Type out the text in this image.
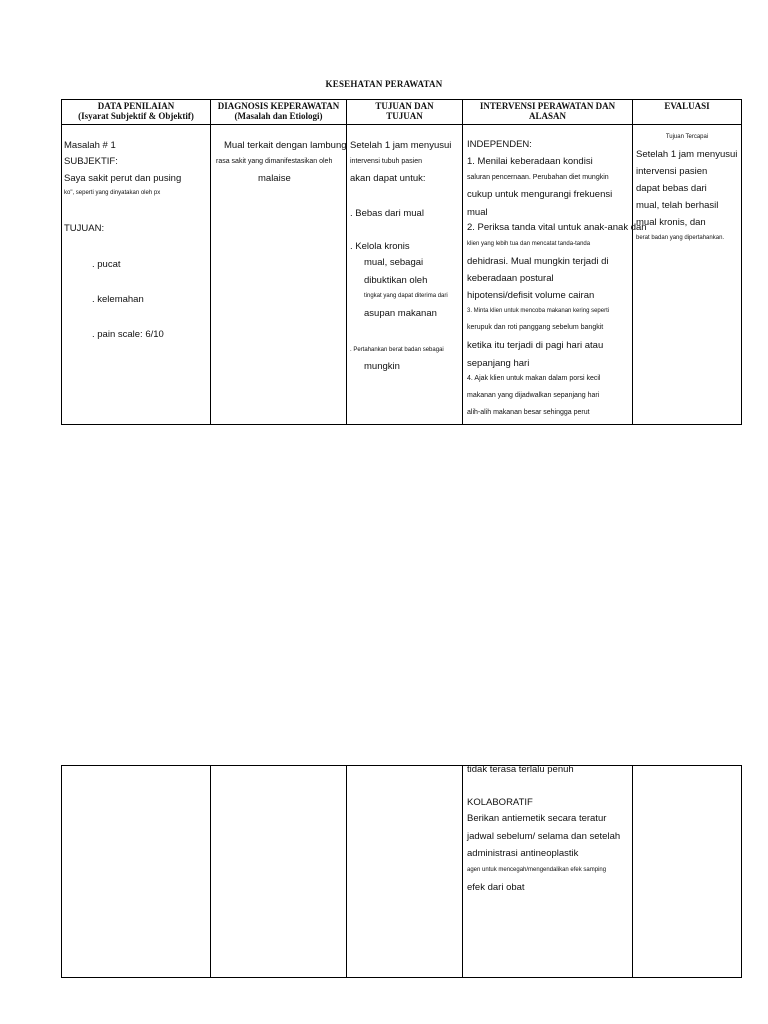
KESEHATAN PERAWATAN
DATA PENILAIAN
(Isyarat Subjektif & Objektif)
DIAGNOSIS KEPERAWATAN
(Masalah dan Etiologi)
TUJUAN DAN
TUJUAN
INTERVENSI PERAWATAN DAN
ALASAN
EVALUASI
Masalah # 1
SUBJEKTIF:
Saya sakit perut dan pusing
ko", seperti yang dinyatakan oleh px
TUJUAN:
. pucat
. kelemahan
. pain scale: 6/10
Mual terkait dengan lambung
rasa sakit yang dimanifestasikan oleh
malaise
Setelah 1 jam menyusui
intervensi tubuh pasien
akan dapat untuk:
. Bebas dari mual
. Kelola kronis
mual, sebagai
dibuktikan oleh
tingkat yang dapat diterima dari
asupan makanan
. Pertahankan berat badan sebagai
mungkin
INDEPENDEN:
1. Menilai keberadaan kondisi
saluran pencernaan. Perubahan diet mungkin
cukup untuk mengurangi frekuensi
mual
2. Periksa tanda vital untuk anak-anak dan
klien yang lebih tua dan mencatat tanda-tanda
dehidrasi. Mual mungkin terjadi di
keberadaan postural
hipotensi/defisit volume cairan
3. Minta klien untuk mencoba makanan kering seperti
kerupuk dan roti panggang sebelum bangkit
ketika itu terjadi di pagi hari atau
sepanjang hari
4. Ajak klien untuk makan dalam porsi kecil
makanan yang dijadwalkan sepanjang hari
alih-alih makanan besar sehingga perut
Tujuan Tercapai
Setelah 1 jam menyusui
intervensi pasien
dapat bebas dari
mual, telah berhasil
mual kronis, dan
berat badan yang dipertahankan.
tidak terasa terlalu penuh
KOLABORATIF
Berikan antiemetik secara teratur
jadwal sebelum/ selama dan setelah
administrasi antineoplastik
agen untuk mencegah/mengendalikan efek samping
efek dari obat
